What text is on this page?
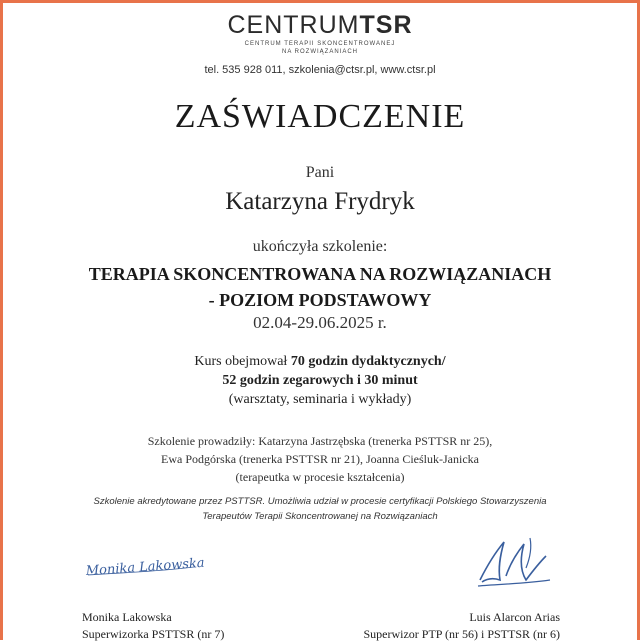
CENTRUMTSR
CENTRUM TERAPII SKONCENTROWANEJ
NA ROZWIĄZANIACH
tel. 535 928 011, szkolenia@ctsr.pl, www.ctsr.pl
ZAŚWIADCZENIE
Pani
Katarzyna Frydryk
ukończyła szkolenie:
TERAPIA SKONCENTROWANA NA ROZWIĄZANIACH
- POZIOM PODSTAWOWY
02.04-29.06.2025 r.
Kurs obejmował 70 godzin dydaktycznych/
52 godzin zegarowych i 30 minut
(warsztaty, seminaria i wykłady)
Szkolenie prowadziły: Katarzyna Jastrzębska (trenerka PSTTSR nr 25),
Ewa Podgórska (trenerka PSTTSR nr 21), Joanna Cieśluk-Janicka
(terapeutka w procesie kształcenia)
Szkolenie akredytowane przez PSTTSR. Umożliwia udział w procesie certyfikacji Polskiego Stowarzyszenia
Terapeutów Terapii Skoncentrowanej na Rozwiązaniach
Monika Lakowska
Monika Lakowska
Superwizorka PSTTSR (nr 7)
Luis Alarcon Arias
Superwizor PTP (nr 56) i PSTTSR (nr 6)
